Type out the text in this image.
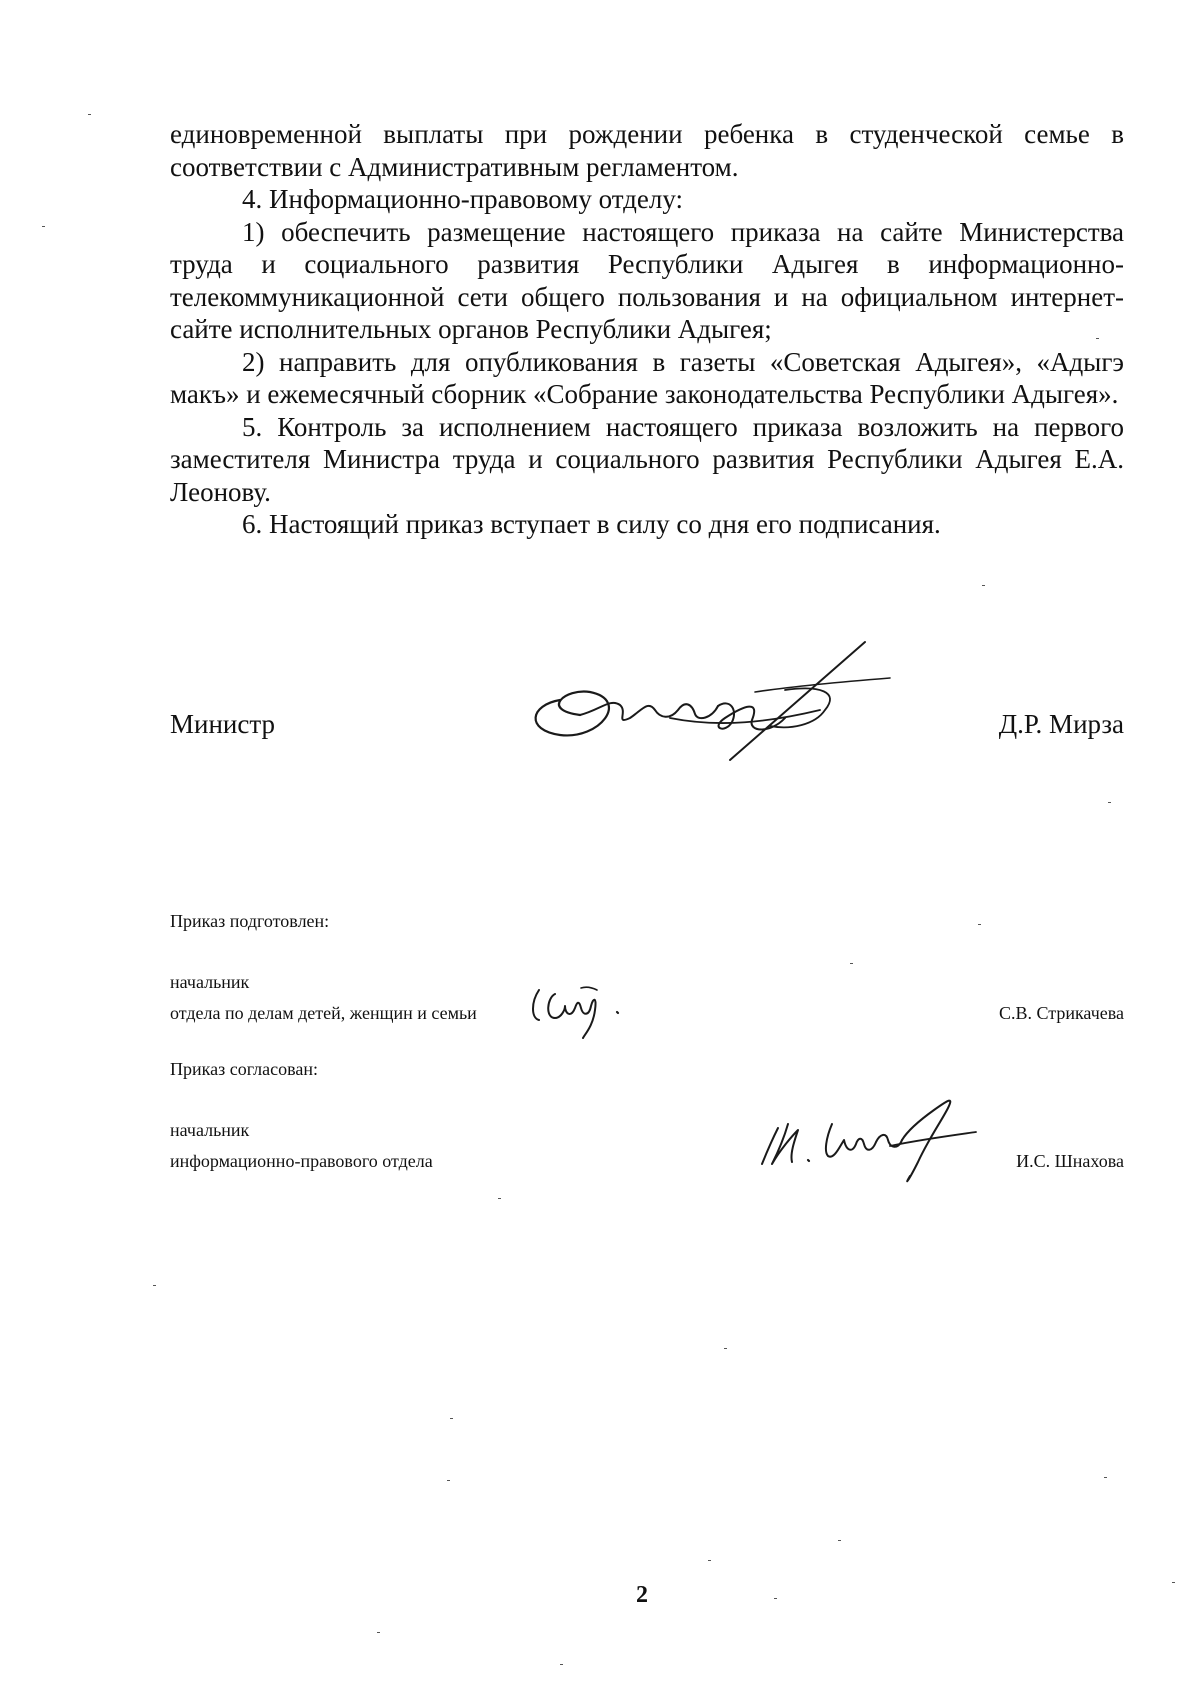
единовременной выплаты при рождении ребенка в студенческой семье в соответствии с Административным регламентом.

4. Информационно-правовому отделу:

1) обеспечить размещение настоящего приказа на сайте Министерства труда и социального развития Республики Адыгея в информационно-телекоммуникационной сети общего пользования и на официальном интернет-сайте исполнительных органов Республики Адыгея;

2) направить для опубликования в газеты «Советская Адыгея», «Адыгэ макъ» и ежемесячный сборник «Собрание законодательства Республики Адыгея».

5. Контроль за исполнением настоящего приказа возложить на первого заместителя Министра труда и социального развития Республики Адыгея Е.А. Леонову.

6. Настоящий приказ вступает в силу со дня его подписания.

Министр	Д.Р. Мирза
Приказ подготовлен:
начальник
отдела по делам детей, женщин и семьи	С.В. Стрикачева
Приказ согласован:
начальник
информационно-правового отдела	И.С. Шнахова
2
